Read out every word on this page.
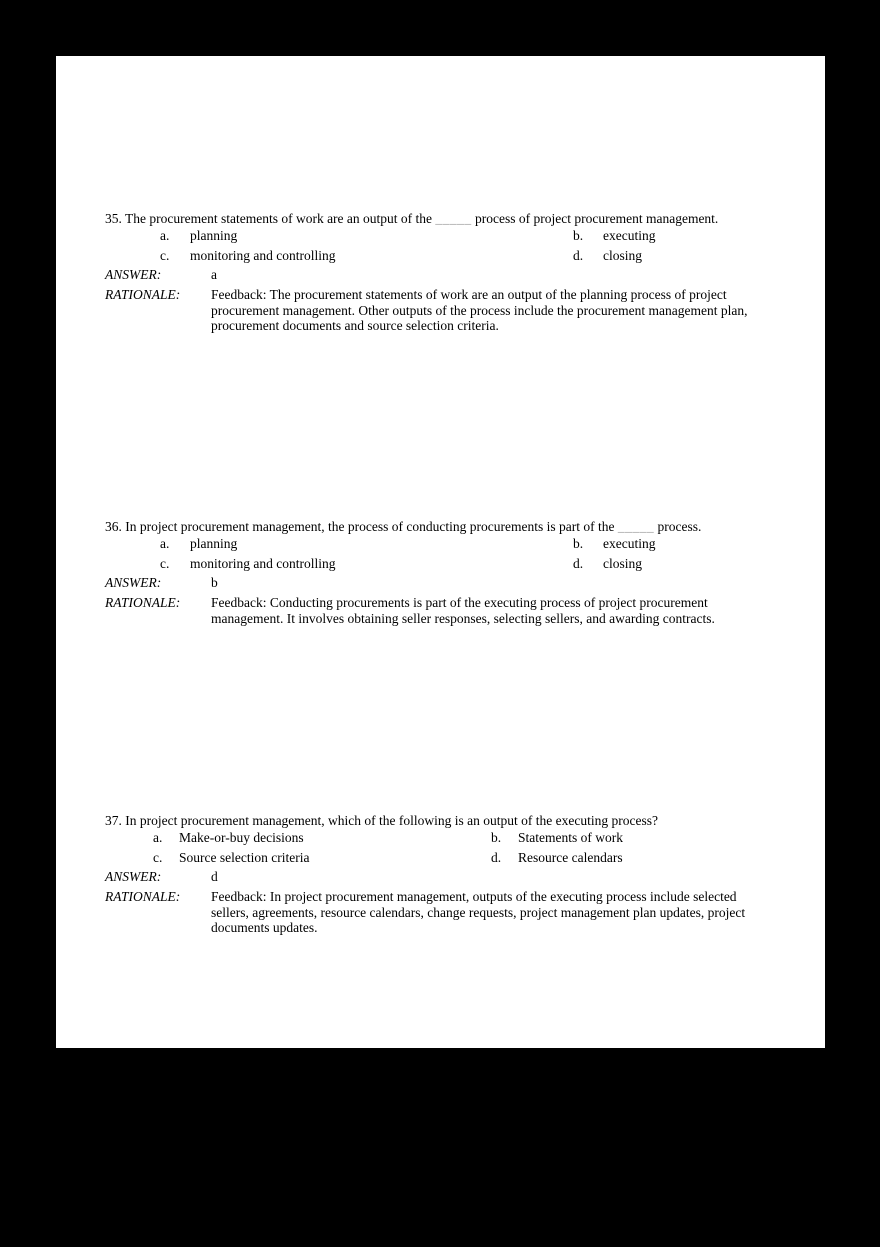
35. The procurement statements of work are an output of the _____ process of project procurement management.
a. planning	b. executing
c. monitoring and controlling	d. closing
ANSWER:	a
RATIONALE: Feedback: The procurement statements of work are an output of the planning process of project
procurement management. Other outputs of the process include the procurement management plan,
procurement documents and source selection criteria.
36. In project procurement management, the process of conducting procurements is part of the _____ process.
a. planning	b. executing
c. monitoring and controlling	d. closing
ANSWER:	b
RATIONALE: Feedback: Conducting procurements is part of the executing process of project procurement
management. It involves obtaining seller responses, selecting sellers, and awarding contracts.
37. In project procurement management, which of the following is an output of the executing process?
a. Make-or-buy decisions	b. Statements of work
c. Source selection criteria	d. Resource calendars
ANSWER:	d
RATIONALE: Feedback: In project procurement management, outputs of the executing process include selected
sellers, agreements, resource calendars, change requests, project management plan updates, project
documents updates.
